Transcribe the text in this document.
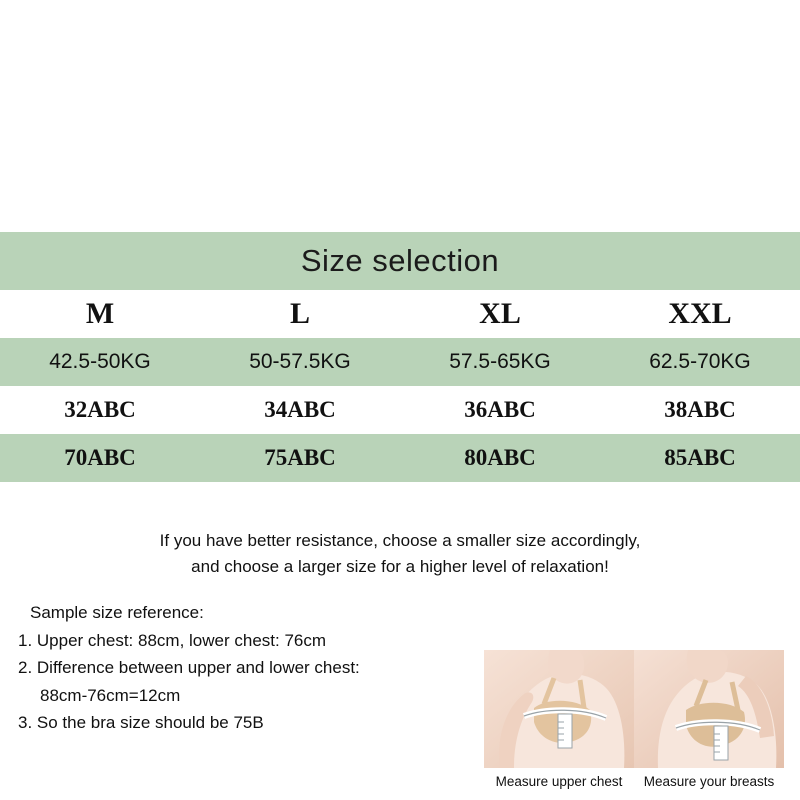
Size selection
M	L	XL	XXL
42.5-50KG	50-57.5KG	57.5-65KG	62.5-70KG
32ABC	34ABC	36ABC	38ABC
70ABC	75ABC	80ABC	85ABC
If you have better resistance, choose a smaller size accordingly,
and choose a larger size for a higher level of relaxation!
Sample size reference:
1. Upper chest: 88cm, lower chest: 76cm
2. Difference between upper and lower chest:
88cm-76cm=12cm
3. So the bra size should be 75B
Measure upper chest	Measure your breasts
